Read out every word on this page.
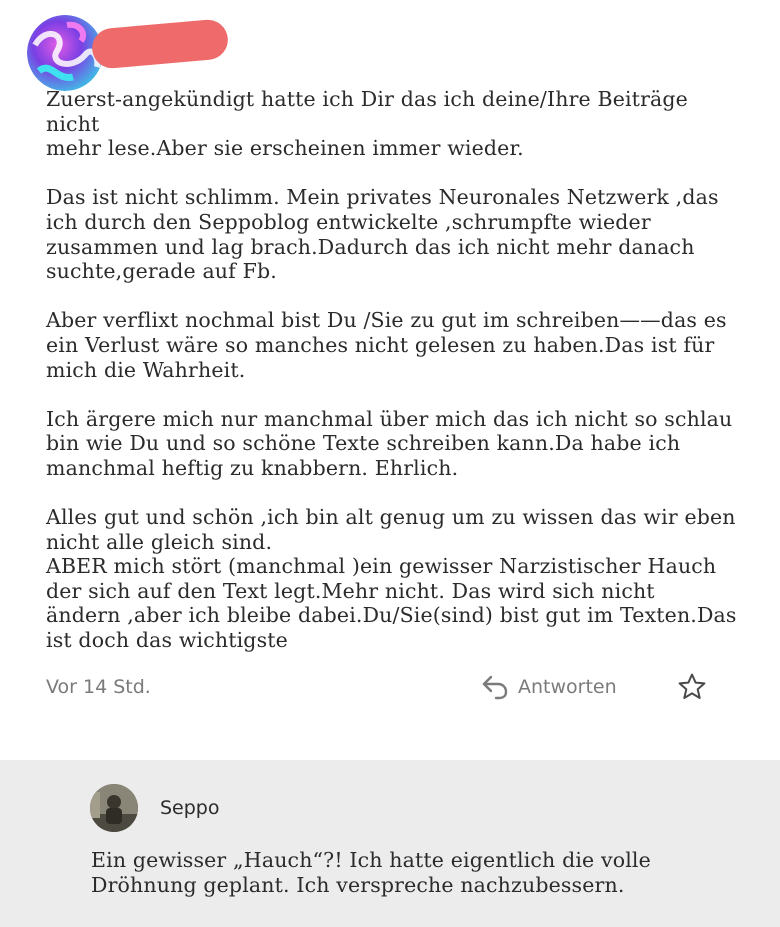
Zuerst-angekündigt hatte ich Dir das ich deine/Ihre Beiträge nicht
mehr lese.Aber sie erscheinen immer wieder.

Das ist nicht schlimm. Mein privates Neuronales Netzwerk ,das
ich durch den Seppoblog entwickelte ,schrumpfte wieder
zusammen und lag brach.Dadurch das ich nicht mehr danach
suchte,gerade auf Fb.

Aber verflixt nochmal bist Du /Sie zu gut im schreiben——das es
ein Verlust wäre so manches nicht gelesen zu haben.Das ist für
mich die Wahrheit.

Ich ärgere mich nur manchmal über mich das ich nicht so schlau
bin wie Du und so schöne Texte schreiben kann.Da habe ich
manchmal heftig zu knabbern. Ehrlich.

Alles gut und schön ,ich bin alt genug um zu wissen das wir eben
nicht alle gleich sind.
ABER mich stört (manchmal )ein gewisser Narzistischer Hauch
der sich auf den Text legt.Mehr nicht. Das wird sich nicht
ändern ,aber ich bleibe dabei.Du/Sie(sind) bist gut im Texten.Das
ist doch das wichtigste

Vor 14 Std.	Antworten
Seppo
Ein gewisser „Hauch“?! Ich hatte eigentlich die volle
Dröhnung geplant. Ich verspreche nachzubessern.
